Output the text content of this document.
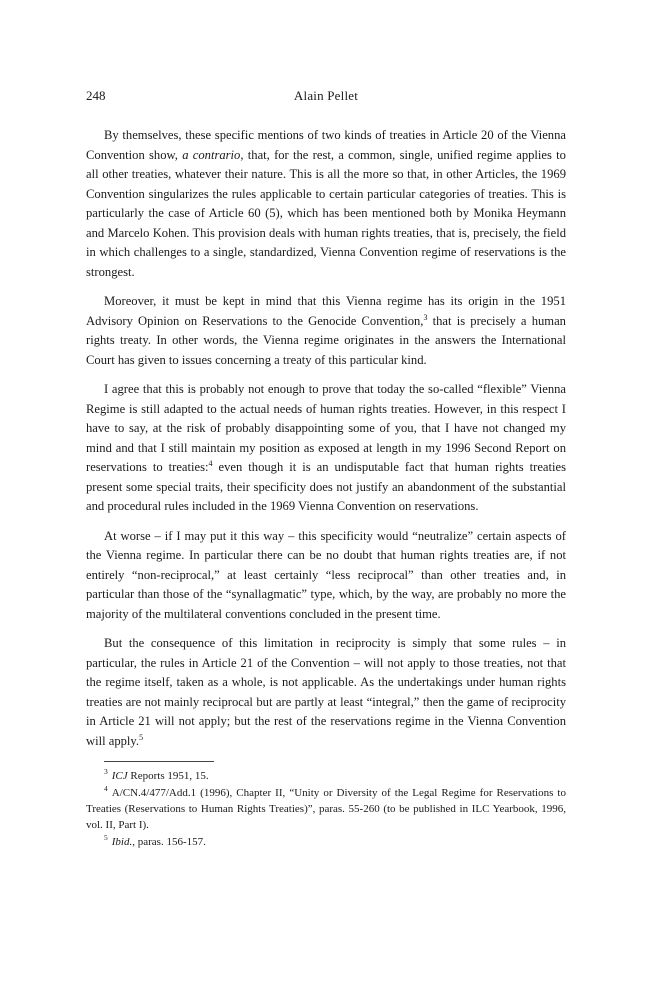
248	Alain Pellet

By themselves, these specific mentions of two kinds of treaties in Article 20 of the Vienna Convention show, a contrario, that, for the rest, a common, single, unified regime applies to all other treaties, whatever their nature. This is all the more so that, in other Articles, the 1969 Convention singularizes the rules applicable to certain particular categories of treaties. This is particularly the case of Article 60 (5), which has been mentioned both by Monika Heymann and Marcelo Kohen. This provision deals with human rights treaties, that is, precisely, the field in which challenges to a single, standardized, Vienna Convention regime of reservations is the strongest.

Moreover, it must be kept in mind that this Vienna regime has its origin in the 1951 Advisory Opinion on Reservations to the Genocide Convention,$^3$ that is precisely a human rights treaty. In other words, the Vienna regime originates in the answers the International Court has given to issues concerning a treaty of this particular kind.

I agree that this is probably not enough to prove that today the so-called “flexible” Vienna Regime is still adapted to the actual needs of human rights treaties. However, in this respect I have to say, at the risk of probably disappointing some of you, that I have not changed my mind and that I still maintain my position as exposed at length in my 1996 Second Report on reservations to treaties:$^4$ even though it is an undisputable fact that human rights treaties present some special traits, their specificity does not justify an abandonment of the substantial and procedural rules included in the 1969 Vienna Convention on reservations.

At worse – if I may put it this way – this specificity would “neutralize” certain aspects of the Vienna regime. In particular there can be no doubt that human rights treaties are, if not entirely “non-reciprocal,” at least certainly “less reciprocal” than other treaties and, in particular than those of the “synallagmatic” type, which, by the way, are probably no more the majority of the multilateral conventions concluded in the present time.

But the consequence of this limitation in reciprocity is simply that some rules – in particular, the rules in Article 21 of the Convention – will not apply to those treaties, not that the regime itself, taken as a whole, is not applicable. As the undertakings under human rights treaties are not mainly reciprocal but are partly at least “integral,” then the game of reciprocity in Article 21 will not apply; but the rest of the reservations regime in the Vienna Convention will apply.$^5$

$^3$ ICJ Reports 1951, 15.

$^4$ A/CN.4/477/Add.1 (1996), Chapter II, “Unity or Diversity of the Legal Regime for Reservations to Treaties (Reservations to Human Rights Treaties)”, paras. 55-260 (to be published in ILC Yearbook, 1996, vol. II, Part I).

$^5$ Ibid., paras. 156-157.
